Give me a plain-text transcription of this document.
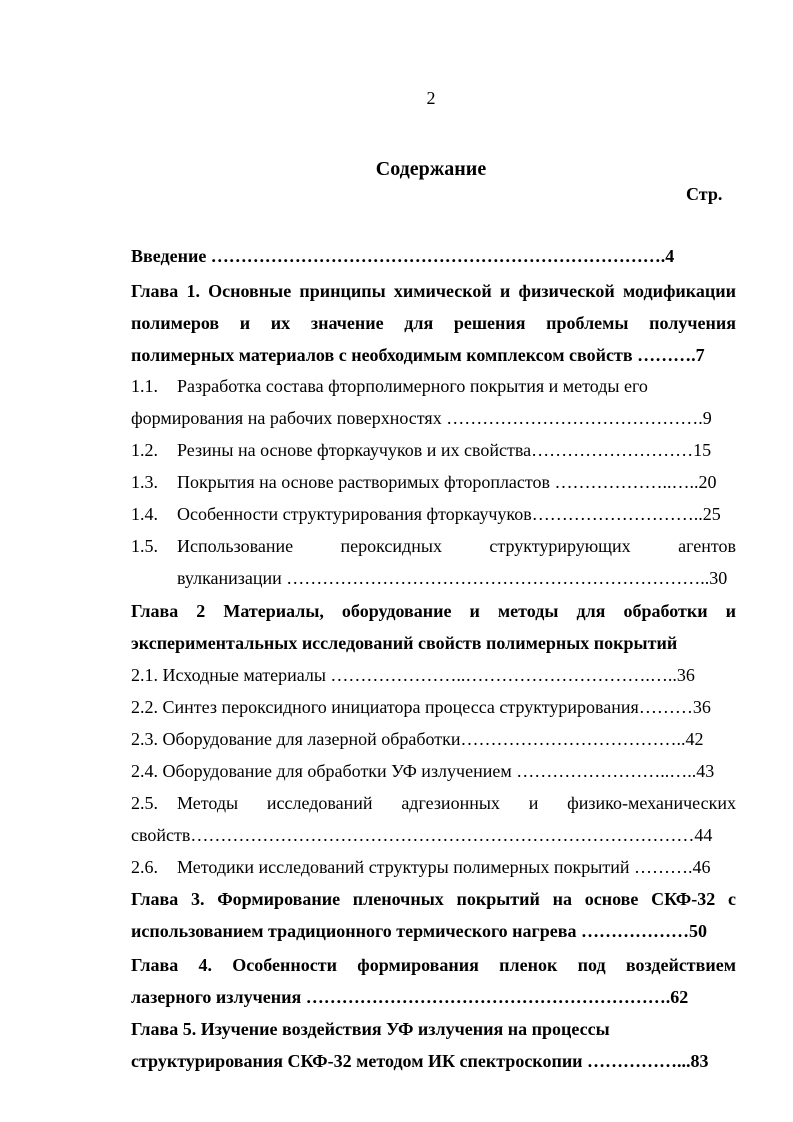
2
Содержание
Стр.
Введение ………………………………………………………………….4
Глава 1. Основные принципы химической и физической модификации
полимеров и их значение для решения проблемы получения
полимерных материалов с необходимым комплексом свойств ……….7
1.1. Разработка состава фторполимерного покрытия и методы его
формирования на рабочих поверхностях …………………………………….9
1.2. Резины на основе фторкаучуков и их свойства………………………15
1.3. Покрытия на основе растворимых фторопластов ………………..…..20
1.4. Особенности структурирования фторкаучуков………………………..25
1.5. Использование пероксидных структурирующих агентов
вулканизации ……………………………………………………………..30
Глава 2 Материалы, оборудование и методы для обработки и
экспериментальных исследований свойств полимерных покрытий
2.1. Исходные материалы …………………..………………………….…..36
2.2. Синтез пероксидного инициатора процесса структурирования………36
2.3. Оборудование для лазерной обработки………………………………..42
2.4. Оборудование для обработки УФ излучением ……………………..…..43
2.5. Методы исследований адгезионных и физико-механических
свойств…………………………………………………………………………44
2.6. Методики исследований структуры полимерных покрытий ……….46
Глава 3. Формирование пленочных покрытий на основе СКФ-32 с
использованием традиционного термического нагрева ………………50
Глава 4. Особенности формирования пленок под воздействием
лазерного излучения …………………………………………………….62
Глава 5. Изучение воздействия УФ излучения на процессы
структурирования СКФ-32 методом ИК спектроскопии ……………...83
